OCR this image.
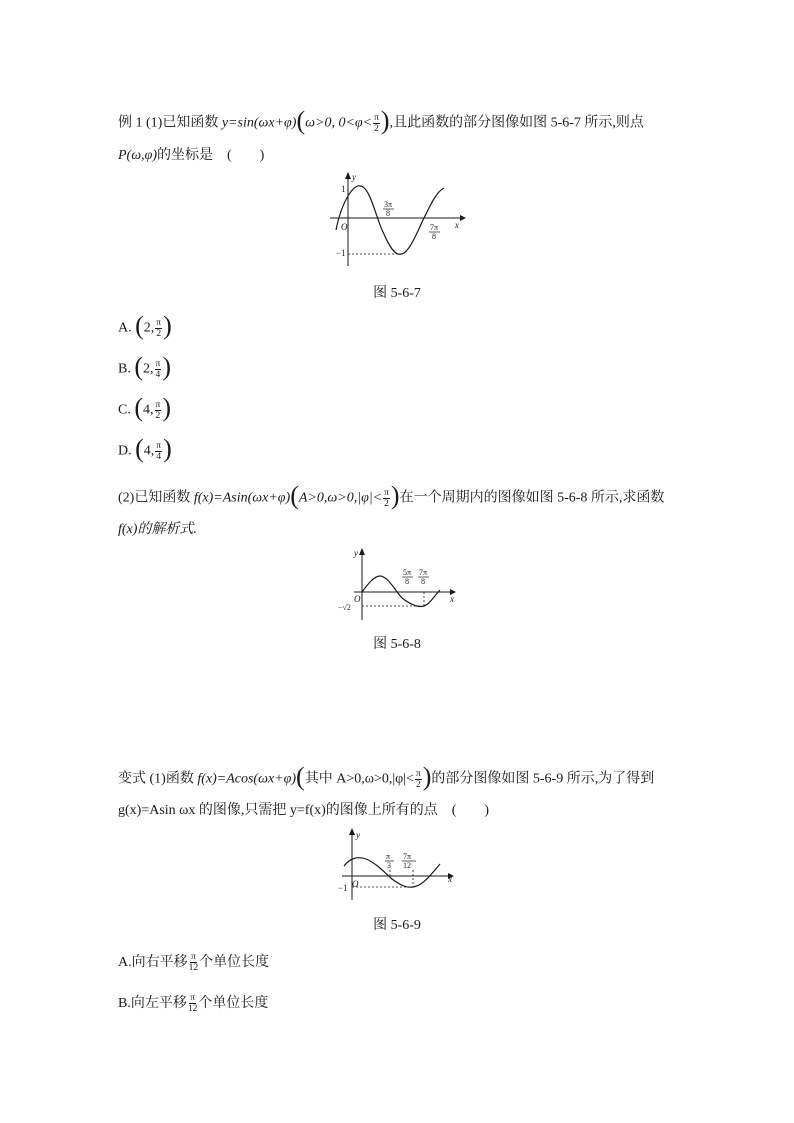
例 1 (1)已知函数 y=sin(ωx+φ)(ω>0, $0<\varphi< \frac{\pi}{2}$ ),且此函数的部分图像如图 5-6-7 所示,则点
P(ω,φ)的坐标是　(　　)
y
x
O
1
−1
3π
8
7π
8
图 5-6-7
A. (2, $\frac{\pi}{2}$ )
B. (2, $\frac{\pi}{4}$ )
C. (4, $\frac{\pi}{2}$ )
D. (4, $\frac{\pi}{4}$ )
(2)已知函数 $f(x)=Asin(\omega x+\varphi)(A>0,\omega>0,|\varphi|< \frac{\pi}{2}$ )在一个周期内的图像如图 5-6-8 所示,求函数
f(x)的解析式.
y
x
O
−√2
5π
8
7π
8
图 5-6-8
变式 (1)函数 f(x)=Acos(ωx+φ)(其中 $A>0,\omega>0,|\varphi|< \frac{\pi}{2}$ )的部分图像如图 5-6-9 所示,为了得到
g(x)=Asin ωx 的图像,只需把 y=f(x)的图像上所有的点　(　　)
y
x
O
−1
π
3
7π
12
图 5-6-9
A.向右平移 $\frac{\pi}{12}$ 个单位长度
B.向左平移 $\frac{\pi}{12}$ 个单位长度
